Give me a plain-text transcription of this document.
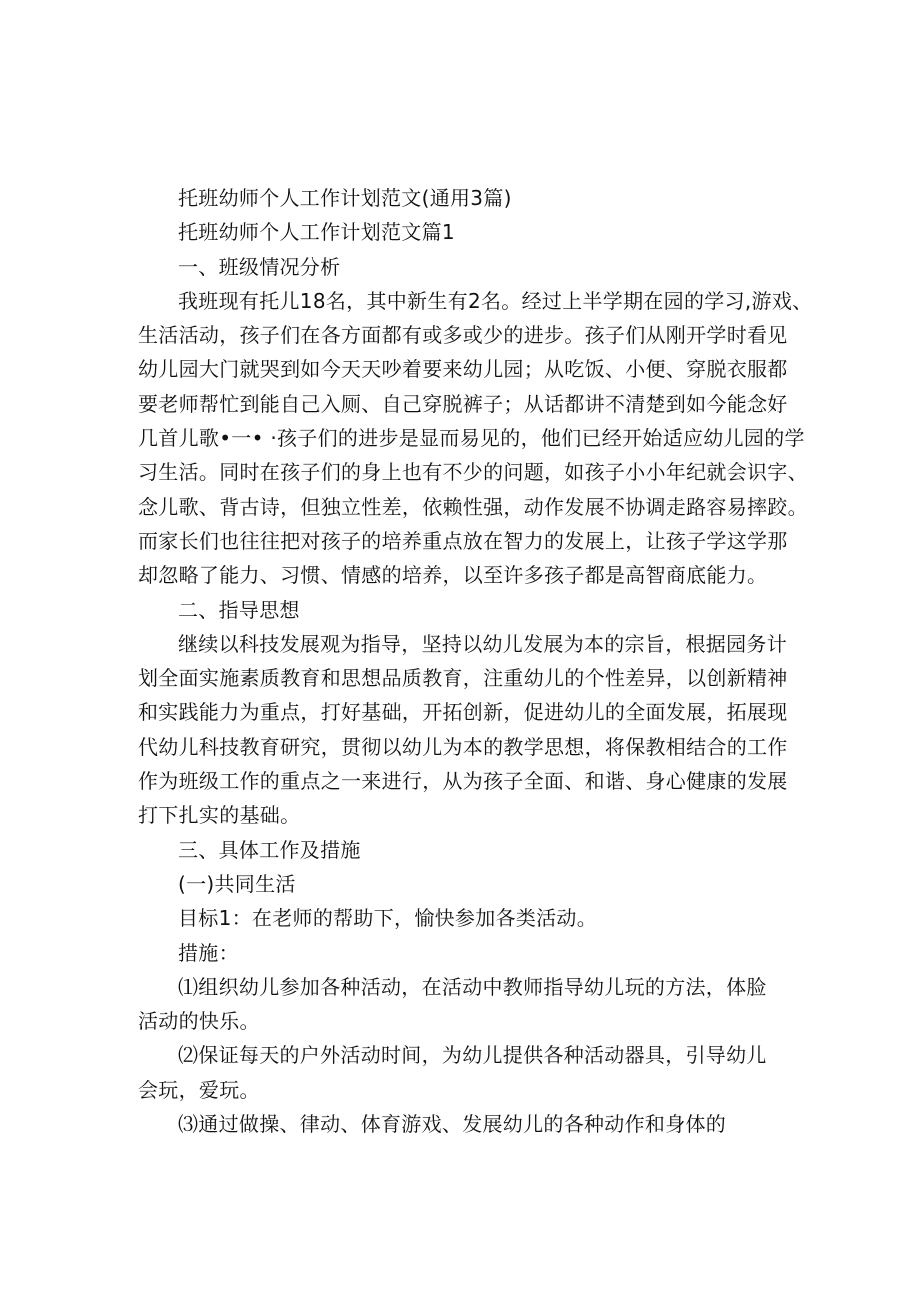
托班幼师个人工作计划范文(通用3篇)
托班幼师个人工作计划范文篇1
一、班级情况分析
我班现有托儿18名，其中新生有2名。经过上半学期在园的学习,游戏、
生活活动，孩子们在各方面都有或多或少的进步。孩子们从刚开学时看见
幼儿园大门就哭到如今天天吵着要来幼儿园；从吃饭、小便、穿脱衣服都
要老师帮忙到能自己入厕、自己穿脱裤子；从话都讲不清楚到如今能念好
几首儿歌•一• ·孩子们的进步是显而易见的，他们已经开始适应幼儿园的学
习生活。同时在孩子们的身上也有不少的问题，如孩子小小年纪就会识字、
念儿歌、背古诗，但独立性差，依赖性强，动作发展不协调走路容易摔跤。
而家长们也往往把对孩子的培养重点放在智力的发展上，让孩子学这学那
却忽略了能力、习惯、情感的培养，以至许多孩子都是高智商底能力。
二、指导思想
继续以科技发展观为指导，坚持以幼儿发展为本的宗旨，根据园务计
划全面实施素质教育和思想品质教育，注重幼儿的个性差异，以创新精神
和实践能力为重点，打好基础，开拓创新，促进幼儿的全面发展，拓展现
代幼儿科技教育研究，贯彻以幼儿为本的教学思想，将保教相结合的工作
作为班级工作的重点之一来进行，从为孩子全面、和谐、身心健康的发展
打下扎实的基础。
三、具体工作及措施
(一)共同生活
目标1：在老师的帮助下，愉快参加各类活动。
措施：
⑴组织幼儿参加各种活动，在活动中教师指导幼儿玩的方法，体脸
活动的快乐。
⑵保证每天的户外活动时间，为幼儿提供各种活动器具，引导幼儿
会玩，爱玩。
⑶通过做操、律动、体育游戏、发展幼儿的各种动作和身体的
